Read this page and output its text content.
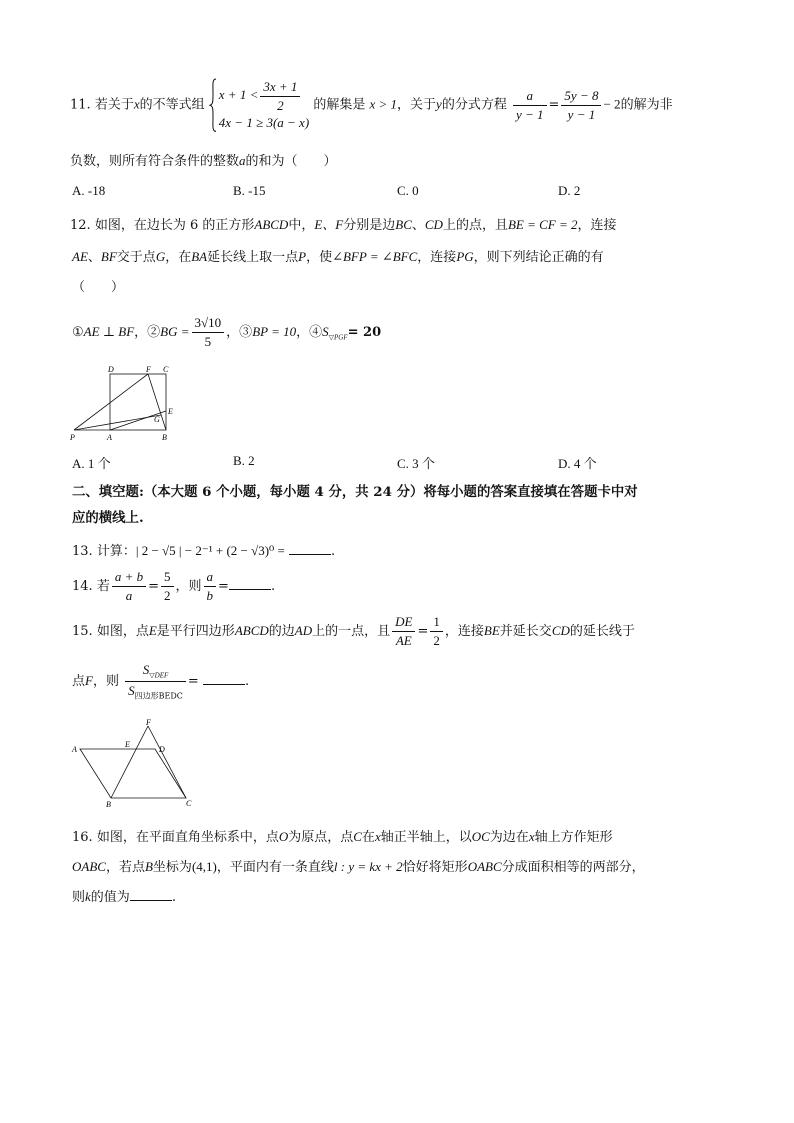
11. 若关于x的不等式组
$x + 1 < \frac{3x + 1}{2}$
4x − 1 ≥ 3(a − x)
的解集是 x > 1，关于y的分式方程 $\frac{a}{y - 1} = \frac{5y - 8}{y - 1} - 2$的解为非
负数，则所有符合条件的整数a的和为（　　）
A. -18	B. -15	C. 0	D. 2
12. 如图，在边长为 6 的正方形ABCD中，E、F分别是边BC、CD上的点，且BE = CF = 2，连接
AE、BF交于点G，在BA延长线上取一点P，使∠BFP = ∠BFC，连接PG，则下列结论正确的有
（　　）
①AE ⊥ BF，②BG = $\frac{3√10}{5}$ ，③BP = 10，$④S_{▽PGF}= 20$
D	F C
E
G
P	A	B
A. 1 个	B. 2	C. 3 个	D. 4 个
二、填空题:（本大题 6 个小题，每小题 4 分，共 24 分）将每小题的答案直接填在答题卡中对
应的横线上.
13. 计算：| 2 − √5 | − 2⁻¹ + (2 − √3)⁰ =	.
14. 若 $\frac{a + b}{a} = \frac{5}{2}$ ，则 $\frac{a}{b}$ =	.
15. 如图，点E是平行四边形ABCD的边AD上的一点，且 $\frac{DE}{AE} = \frac{1}{2}$ ，连接BE并延长交CD的延长线于
点F，则 $\frac{S_{▽DEF}}{S_{四边形BEDC}}$ =	.
F
A
E
D
B	C
16. 如图，在平面直角坐标系中，点O为原点，点C在x轴正半轴上，以OC为边在x轴上方作矩形
OABC，若点B坐标为(4,1)，平面内有一条直线l : y = kx + 2恰好将矩形OABC分成面积相等的两部分，
则k的值为	.
